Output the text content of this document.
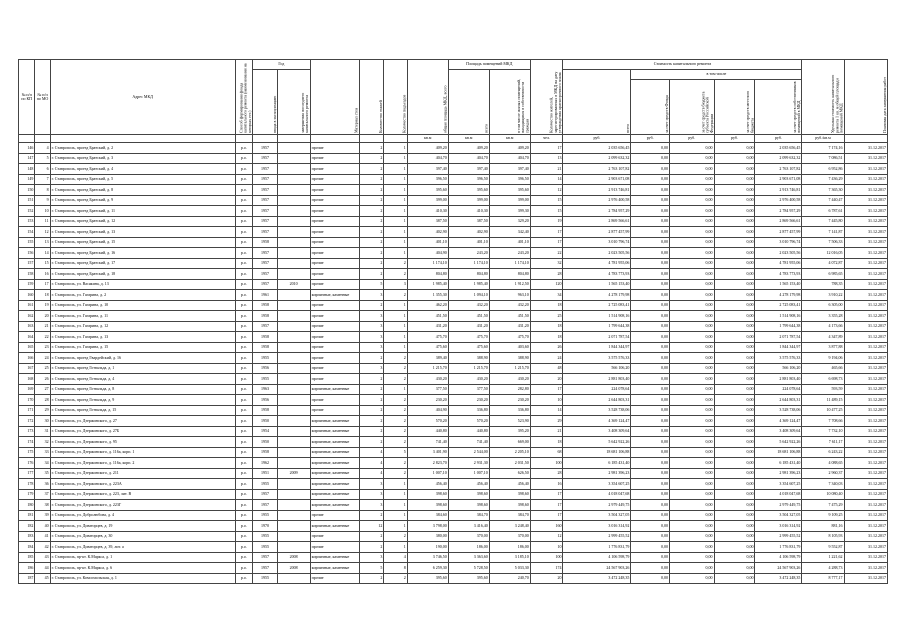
№ п/п по КП	№ п/п по МО	Адрес МКД	Способ формирования фонда капитального ремонта (наименования на которых ест.)	Год		Материал стен	Количество этажей	Количество подъездов	общая площадь МКД, всего	Площадь помещений МКД		Количество жителей, зарегистрированных в МКД на дату утверждения краткосрочного плана	Стоимость капитального ремонта					Удельная стоимость капитального ремонта 1 кв. м общей площади помещений МКД	Плановая дата завершения работ
				ввода в эксплуатацию	завершения последнего капитального ремонта					всего	в том числе жилых помещений, находящихся в собственности граждан		всего	в том числе					
														за счет средств Фонда	за счет средств бюджета субъекта Российской Федерации	за счет средств местного бюджета	за счет средств собственников помещений в МКД		
									кв.м	кв.м	кв.м	чел.	руб.	руб.	руб.	руб.	руб.	руб./кв.м	
146	4	г. Ставрополь, проезд Братский, д. 2	р.о.	1957		прочие	2	1	409,20	409,20	409,20	17	2 035 656,45	0,00	0,00	0,00	2 035 656,45	7 174,16	31.12.2017
147	5	г. Ставрополь, проезд Братский, д. 3	р.о.	1957		прочие	2	1	404,70	404,70	404,70	13	2 099 632,32	0,00	0,00	0,00	2 099 632,32	7 086,51	31.12.2017
148	6	г. Ставрополь, проезд Братский, д. 4	р.о.	1957		прочие	2	1	397,40	397,40	397,40	21	2 763 107,82	0,00	0,00	0,00	2 763 107,82	6 952,86	31.12.2017
149	7	г. Ставрополь, проезд Братский, д. 5	р.о.	1957		прочие	2	1	396,50	396,50	396,50	14	2 903 671,08	0,00	0,00	0,00	2 903 671,08	7 436,29	31.12.2017
150	8	г. Ставрополь, проезд Братский, д. 8	р.о.	1957		прочие	2	1	395,60	395,60	395,60	12	2 913 746,81	0,00	0,00	0,00	2 913 746,81	7 365,30	31.12.2017
151	9	г. Ставрополь, проезд Братский, д. 9	р.о.	1957		прочие	2	1	399,00	399,00	399,00	15	2 976 400,58	0,00	0,00	0,00	2 976 400,58	7 440,47	31.12.2017
152	10	г. Ставрополь, проезд Братский, д. 11	р.о.	1957		прочие	2	1	410,30	410,30	399,30	15	2 784 957,29	0,00	0,00	0,00	2 784 957,29	6 787,61	31.12.2017
153	11	г. Ставрополь, проезд Братский, д. 12	р.о.	1957		прочие	2	1	387,50	387,50	329,20	19	2 869 566,61	0,00	0,00	0,00	2 869 566,61	7 445,80	31.12.2017
154	12	г. Ставрополь, проезд Братский, д. 13	р.о.	1957		прочие	2	1	402,90	402,90	342,40	17	2 877 457,99	0,00	0,00	0,00	2 877 457,99	7 141,87	31.12.2017
155	13	г. Ставрополь, проезд Братский, д. 15	р.о.	1958		прочие	2	1	401,10	401,10	401,10	17	3 010 796,74	0,00	0,00	0,00	3 010 796,74	7 506,33	31.12.2017
156	14	г. Ставрополь, проезд Братский, д. 16	р.о.	1957		прочие	2	1	404,90	243,20	243,20	22	2 023 505,56	0,00	0,00	0,00	2 023 505,56	12 016,05	31.12.2017
157	15	г. Ставрополь, проезд Братский, д. 17	р.о.	1957		прочие	2	2	1 174,10	1 174,10	1 174,10	32	4 781 955,06	0,00	0,00	0,00	4 781 955,06	4 072,87	31.12.2017
158	16	г. Ставрополь, проезд Братский, д. 18	р.о.	1957		прочие	2	2	804,80	804,80	804,80	28	4 783 773,93	0,00	0,00	0,00	4 783 773,93	6 985,65	31.12.2017
159	17	г. Ставрополь, ул. Васякина, д. 13	р.о.	1957	2010	прочие	5	3	1 985,40	1 985,40	1 912,50	120	1 565 153,40	0,00	0,00	0,00	1 565 153,40	788,35	31.12.2017
160	18	г. Ставрополь, ул. Гагарина, д. 2	р.о.	1961		кирпичные, каменные	3	2	1 355,30	1 094,10	963,10	34	4 278 179,98	0,00	0,00	0,00	4 278 179,98	3 910,22	31.12.2017
161	19	г. Ставрополь, ул. Гагарина, д. 10	р.о.	1958		прочие	2	1	462,20	432,20	432,20	18	2 725 083,41	0,00	0,00	0,00	2 725 083,41	6 305,00	31.12.2017
162	20	г. Ставрополь, ул. Гагарина, д. 11	р.о.	1958		прочие	3	1	451,50	451,50	451,50	25	1 514 908,16	0,00	0,00	0,00	1 514 908,16	3 355,28	31.12.2017
163	21	г. Ставрополь, ул. Гагарина, д. 12	р.о.	1957		прочие	3	1	431,20	431,20	431,20	18	1 799 644,38	0,00	0,00	0,00	1 799 644,38	4 173,66	31.12.2017
164	22	г. Ставрополь, ул. Гагарина, д. 13	р.о.	1958		прочие	3	1	475,70	475,70	475,70	18	2 071 787,54	0,00	0,00	0,00	2 071 787,54	4 347,89	31.12.2017
165	23	г. Ставрополь, ул. Гагарина, д. 15	р.о.	1958		прочие	3	1	475,60	475,60	403,60	26	1 844 344,97	0,00	0,00	0,00	1 844 344,97	3 877,88	31.12.2017
166	24	г. Ставрополь, проезд Гвардейский, д. 16	р.о.	1955		прочие	2	2	389,40	388,90	388,90	24	3 575 576,33	0,00	0,00	0,00	3 575 576,33	9 194,06	31.12.2017
167	25	г. Ставрополь, проезд Готвальда, д. 1	р.о.	1956		прочие	3	2	1 215,70	1 215,70	1 215,70	48	566 106,20	0,00	0,00	0,00	566 106,20	465,66	31.12.2017
168	26	г. Ставрополь, проезд Готвальда, д. 4	р.о.	1955		прочие	2	2	430,20	430,20	430,20	20	2 881 803,40	0,00	0,00	0,00	2 881 803,40	6 698,73	31.12.2017
169	27	г. Ставрополь, проезд Готвальда, д. 8	р.о.	1963		кирпичные, каменные	2	1	377,50	377,50	282,80	17	224 078,64	0,00	0,00	0,00	224 078,64	593,59	31.12.2017
170	28	г. Ставрополь, проезд Готвальда, д. 9	р.о.	1956		прочие	2	2	230,20	230,20	230,20	10	2 644 803,31	0,00	0,00	0,00	2 644 803,31	11 489,15	31.12.2017
171	29	г. Ставрополь, проезд Готвальда, д. 15	р.о.	1958		прочие	2	2	404,90	336,80	336,80	14	3 528 738,06	0,00	0,00	0,00	3 528 738,06	10 477,25	31.12.2017
172	30	г. Ставрополь, ул. Дзержинского, д. 27	р.о.	1950		кирпичные, каменные	2	2	570,20	570,20	523,90	29	4 369 124,47	0,00	0,00	0,00	4 369 124,47	7 708,66	31.12.2017
173	31	г. Ставрополь, ул. Дзержинского, д. 27Б	р.о.	1954		кирпичные, каменные	2	2	440,80	440,80	395,20	21	3 408 309,64	0,00	0,00	0,00	3 408 309,64	7 732,10	31.12.2017
174	32	г. Ставрополь, ул. Дзержинского, д. 95	р.о.	1950		кирпичные, каменные	2	2	741,40	741,40	669,00	18	5 642 922,26	0,00	0,00	0,00	5 642 922,26	7 611,17	31.12.2017
175	33	г. Ставрополь, ул. Дзержинского, д. 116а, корп. 1	р.о.	1958		кирпичные, каменные	4	5	3 401,90	2 544,00	2 205,10	68	18 681 106,88	0,00	0,00	0,00	18 681 106,88	6 243,22	31.12.2017
176	34	г. Ставрополь, ул. Дзержинского, д. 116а, корп. 2	р.о.	1962		кирпичные, каменные	4	2	2 823,70	2 931,30	2 031,50	100	6 185 431,40	0,00	0,00	0,00	6 185 431,40	4 088,65	31.12.2017
177	35	г. Ставрополь, ул. Дзержинского, д. 211	р.о.	1951	2009	кирпичные, каменные	4	2	1 007,10	1 007,10	626,50	28	2 981 396,23	0,00	0,00	0,00	2 981 396,23	2 960,37	31.12.2017
178	36	г. Ставрополь, ул. Дзержинского, д. 223А	р.о.	1955		кирпичные, каменные	3	1	456,40	456,40	456,40	16	3 354 607,25	0,00	0,00	0,00	3 354 607,25	7 340,03	31.12.2017
179	37	г. Ставрополь, ул. Дзержинского, д. 223, лит. В	р.о.	1957		кирпичные, каменные	3	1	398,60	398,60	398,60	17	4 018 047,68	0,00	0,00	0,00	4 018 047,68	10 080,40	31.12.2017
180	38	г. Ставрополь, ул. Дзержинского, д. 223Г	р.о.	1957		кирпичные, каменные	3	1	398,60	398,60	398,60	17	2 979 449,75	0,00	0,00	0,00	2 979 449,75	7 475,29	31.12.2017
181	39	г. Ставрополь, ул. Добролюбова, д. 4	р.о.	1955		прочие	2	1	384,60	384,70	384,70	17	3 504 327,05	0,00	0,00	0,00	3 504 327,05	9 109,25	31.12.2017
182	40	г. Ставрополь, ул. Доваторцев, д. 19	р.о.	1970		кирпичные, каменные	12	1	3 798,00	3 416,40	3 248,40	160	3 016 314,92	0,00	0,00	0,00	3 016 314,92	881,16	31.12.2017
183	41	г. Ставрополь, ул. Доваторцев, д. 30	р.о.	1955		прочие	2	2	380,00	370,00	370,00	12	2 999 455,52	0,00	0,00	0,00	2 999 455,52	8 105,93	31.12.2017
184	42	г. Ставрополь, ул. Доваторцев, д. 39, лит. а	р.о.	1955		прочие	2	1	190,00	186,00	186,00	10	1 776 831,79	0,00	0,00	0,00	1 776 831,79	9 552,87	31.12.2017
185	43	г. Ставрополь, пр-кт. К.Маркса, д. 1	р.о.	1957	2008	кирпичные, каменные	3	4	3 746,50	3 363,60	3 185,10	100	4 106 598,79	0,00	0,00	0,00	4 106 598,79	1 221,62	31.12.2017
186	44	г. Ставрополь, пр-кт. К.Маркса, д. 6	р.о.	1957	2008	кирпичные, каменные	5	8	6 259,30	5 728,50	5 033,30	174	24 567 903,26	0,00	0,00	0,00	24 567 903,26	4 288,73	31.12.2017
187	45	г. Ставрополь, ул. Комсомольская, д. 1	р.о.	1955		прочие	2	2	395,60	395,60	240,70	20	3 472 248,35	0,00	0,00	0,00	3 472 248,35	8 777,17	31.12.2017
